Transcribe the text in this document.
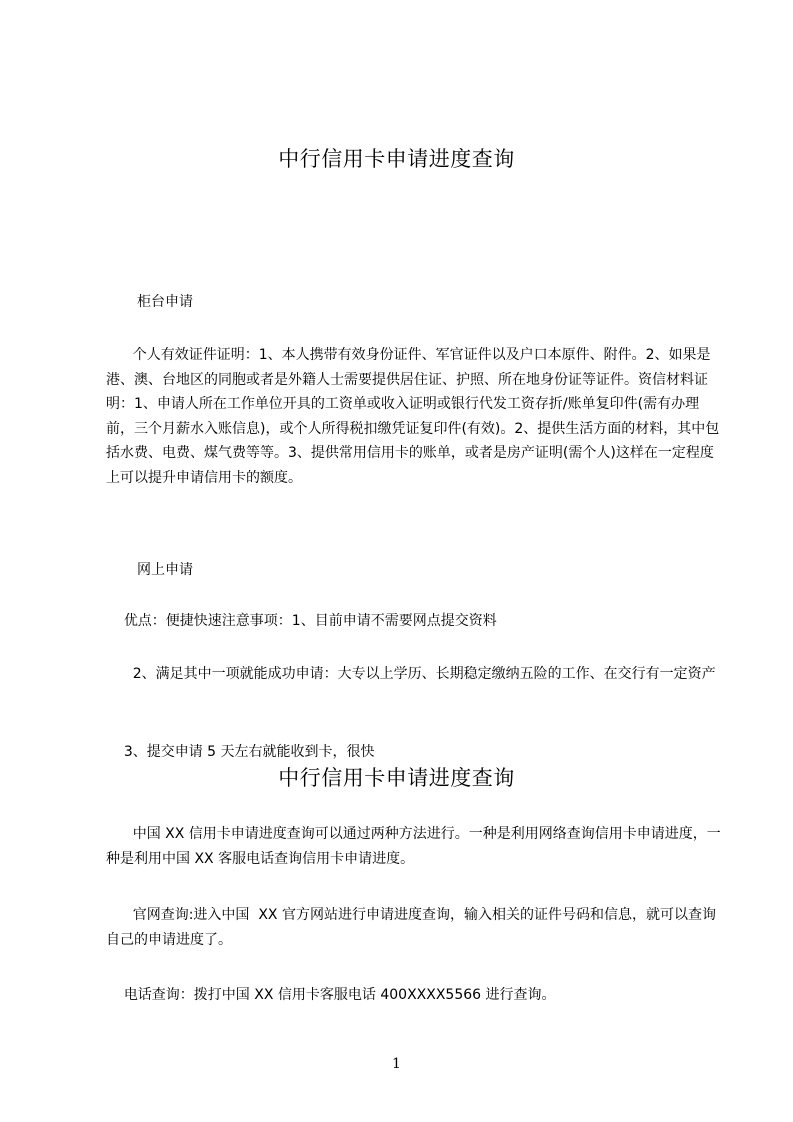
中行信用卡申请进度查询
柜台申请

个人有效证件证明：1、本人携带有效身份证件、军官证件以及户口本原件、附件。2、如果是港、澳、台地区的同胞或者是外籍人士需要提供居住证、护照、所在地身份证等证件。资信材料证明：1、申请人所在工作单位开具的工资单或收入证明或银行代发工资存折/账单复印件(需有办理前，三个月薪水入账信息)，或个人所得税扣缴凭证复印件(有效)。2、提供生活方面的材料，其中包括水费、电费、煤气费等等。3、提供常用信用卡的账单，或者是房产证明(需个人)这样在一定程度上可以提升申请信用卡的额度。

网上申请

优点：便捷快速注意事项：1、目前申请不需要网点提交资料

2、满足其中一项就能成功申请：大专以上学历、长期稳定缴纳五险的工作、在交行有一定资产

3、提交申请 5 天左右就能收到卡，很快

中行信用卡申请进度查询

中国 XX 信用卡申请进度查询可以通过两种方法进行。一种是利用网络查询信用卡申请进度，一种是利用中国 XX 客服电话查询信用卡申请进度。

官网查询:进入中国  XX 官方网站进行申请进度查询，输入相关的证件号码和信息，就可以查询自己的申请进度了。

电话查询：拨打中国 XX 信用卡客服电话 400XXXX5566 进行查询。

1
